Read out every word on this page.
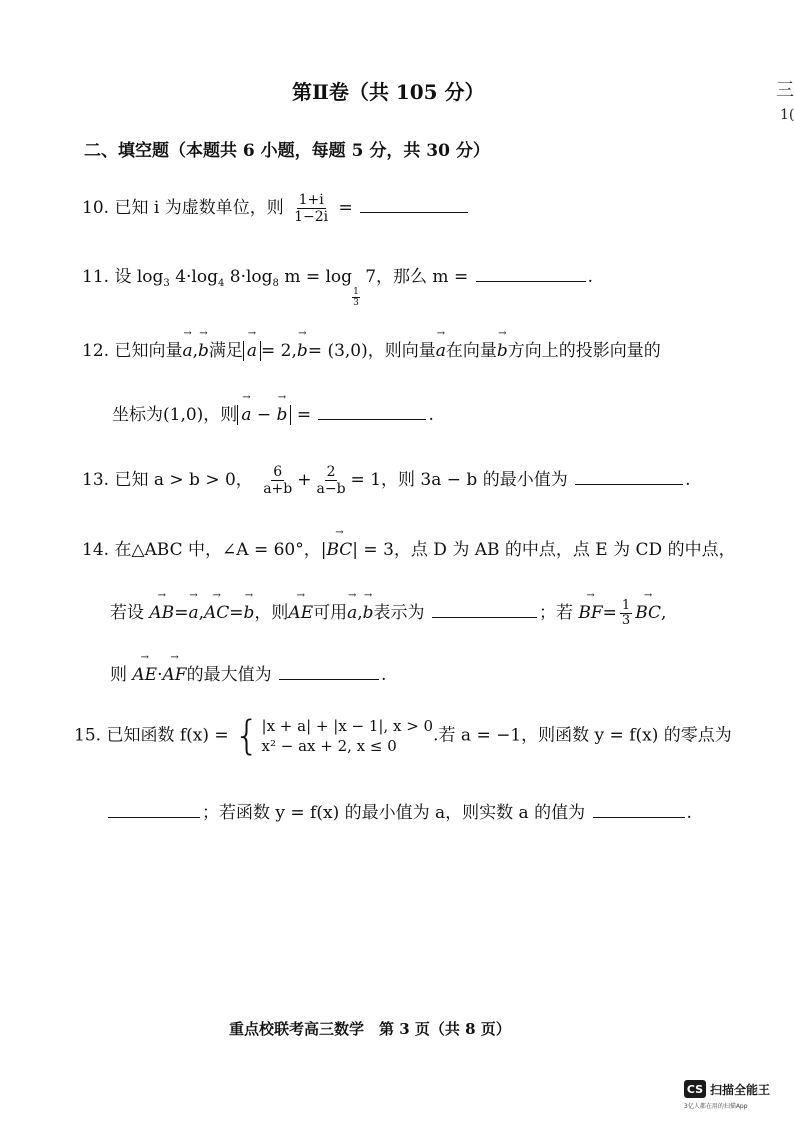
第Ⅱ卷（共 105 分）	三
1(
二、填空题（本题共 6 小题，每题 5 分，共 30 分）
10. 已知 i 为虚数单位，则 $\frac{1+i}{1-2i}$ =
11. 设 $\log_3 4\cdot\log_4$ $8\cdot\log_8$ m = log
$\frac{1}{3}$
7，那么 m =	.
12. 已知向量→ a,→ b满足 → a = 2,→ b= (3,0)，则向量→ a在向量→ b方向上的投影向量的
坐标为(1,0)，则 → a − → b =	.
13. 已知 a > b > 0， $\frac{6}{a+b} + \frac{2}{a-b} = 1$，则 3a − b 的最小值为	.
14. 在△ABC 中，∠A = 60°，|→ BC| = 3，点 D 为 AB 的中点，点 E 为 CD 的中点，
若设 → AB=→ a,→ AC=→ b，则→ AE可用→ a,→ b表示为	；若 → $BF= \frac{1}{3}$ → BC,
则 → AE·→ AF的最大值为	.
15. 已知函数 f(x) = { |x + a| + |x − 1|, x > 0
x² − ax + 2, x ≤ 0
.若 a = −1，则函数 y = f(x) 的零点为
；若函数 y = f(x) 的最小值为 a，则实数 a 的值为	.
重点校联考高三数学　第 3 页（共 8 页）
CS 扫描全能王
3亿人都在用的扫描App
